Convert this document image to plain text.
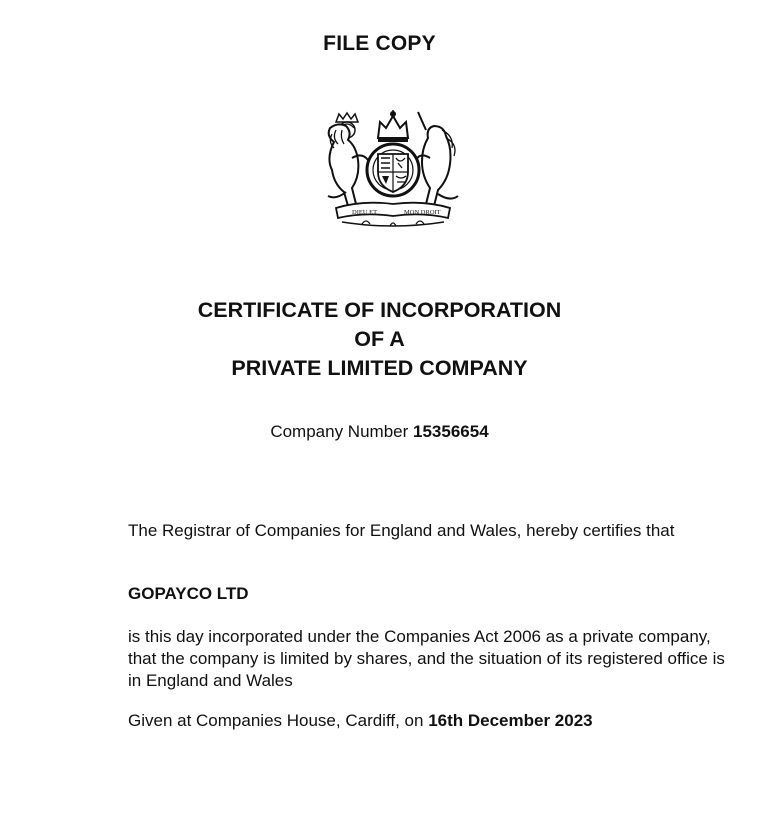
FILE COPY
DIEU ET	MON DROIT
CERTIFICATE OF INCORPORATION
OF A
PRIVATE LIMITED COMPANY
Company Number 15356654
The Registrar of Companies for England and Wales, hereby certifies that
GOPAYCO LTD
is this day incorporated under the Companies Act 2006 as a private company, that the company is limited by shares, and the situation of its registered office is in England and Wales
Given at Companies House, Cardiff, on 16th December 2023
